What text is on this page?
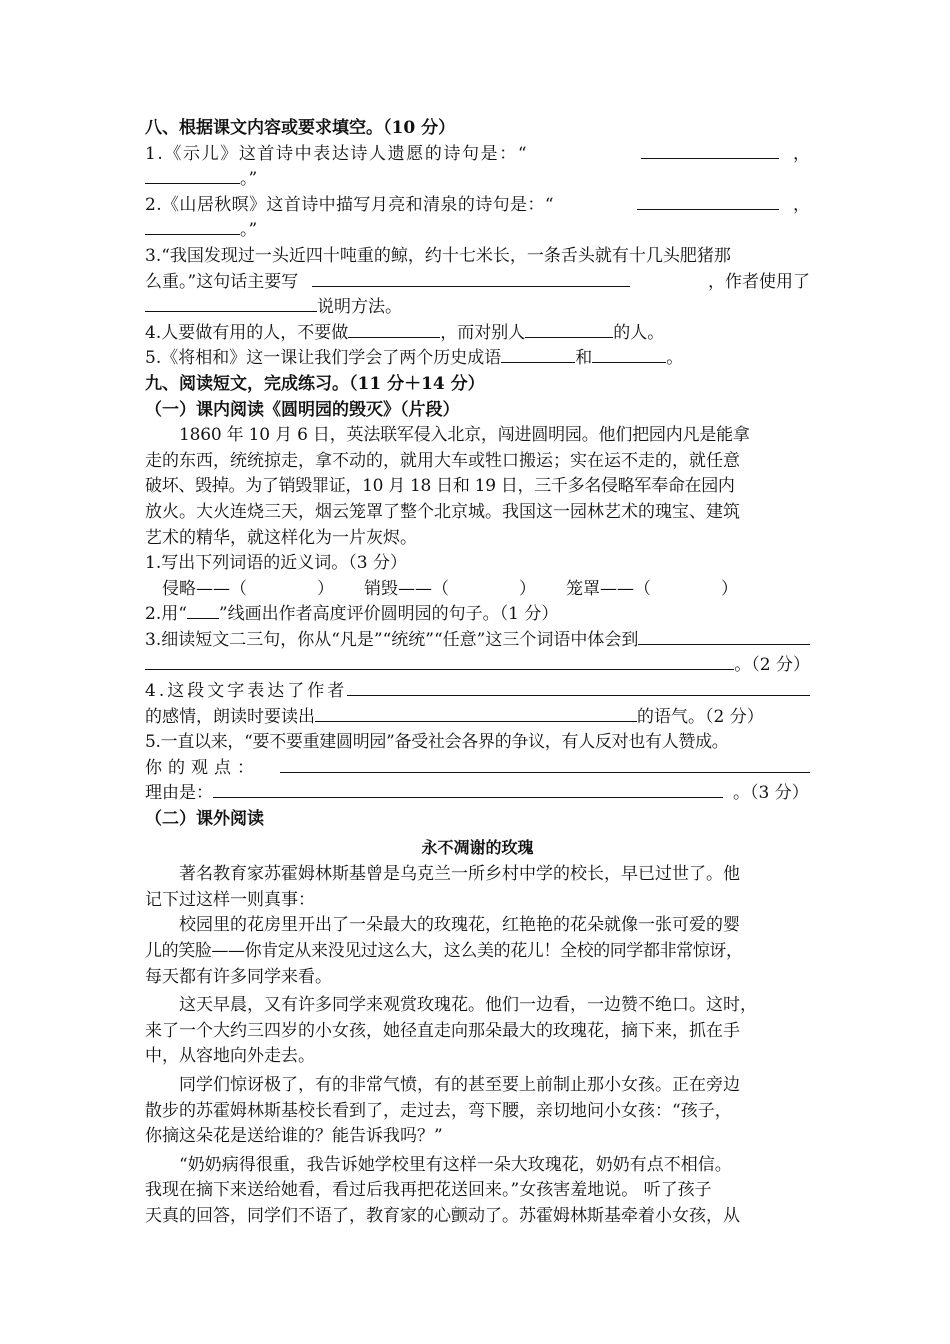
八、根据课文内容或要求填空。（10 分）
1.《示儿》这首诗中表达诗人遗愿的诗句是：“	，
。”
2.《山居秋暝》这首诗中描写月亮和清泉的诗句是：“	，
。”
3.“我国发现过一头近四十吨重的鲸，约十七米长，一条舌头就有十几头肥猪那
么重。”这句话主要写	，作者使用了
说明方法。
4.人要做有用的人，不要做	，而对别人	的人。
5.《将相和》这一课让我们学会了两个历史成语	和	。
九、阅读短文，完成练习。（11 分＋14 分）
（一）课内阅读《圆明园的毁灭》（片段）
1860 年 10 月 6 日，英法联军侵入北京，闯进圆明园。他们把园内凡是能拿
走的东西，统统掠走，拿不动的，就用大车或牲口搬运；实在运不走的，就任意
破坏、毁掉。为了销毁罪证，10 月 18 日和 19 日，三千多名侵略军奉命在园内
放火。大火连烧三天，烟云笼罩了整个北京城。我国这一园林艺术的瑰宝、建筑
艺术的精华，就这样化为一片灰烬。
1.写出下列词语的近义词。（3 分）
侵略——（	） 销毁——（	） 笼罩——（	）
2.用“ ”线画出作者高度评价圆明园的句子。（1 分）
3.细读短文二三句，你从“凡是”“统统”“任意”这三个词语中体会到
。（2 分）
4.这段文字表达了作者
的感情，朗读时要读出	的语气。（2 分）
5.一直以来，“要不要重建圆明园”备受社会各界的争议，有人反对也有人赞成。
你的观点：
理由是：	。（3 分）
（二）课外阅读
永不凋谢的玫瑰
著名教育家苏霍姆林斯基曾是乌克兰一所乡村中学的校长，早已过世了。他
记下过这样一则真事：
校园里的花房里开出了一朵最大的玫瑰花，红艳艳的花朵就像一张可爱的婴
儿的笑脸——你肯定从来没见过这么大，这么美的花儿！全校的同学都非常惊讶，
每天都有许多同学来看。
这天早晨，又有许多同学来观赏玫瑰花。他们一边看，一边赞不绝口。这时，
来了一个大约三四岁的小女孩，她径直走向那朵最大的玫瑰花，摘下来，抓在手
中，从容地向外走去。
同学们惊讶极了，有的非常气愤，有的甚至要上前制止那小女孩。正在旁边
散步的苏霍姆林斯基校长看到了，走过去，弯下腰，亲切地问小女孩：“孩子，
你摘这朵花是送给谁的？能告诉我吗？”
“奶奶病得很重，我告诉她学校里有这样一朵大玫瑰花，奶奶有点不相信。
我现在摘下来送给她看，看过后我再把花送回来。”女孩害羞地说。 听了孩子
天真的回答，同学们不语了，教育家的心颤动了。苏霍姆林斯基牵着小女孩，从
